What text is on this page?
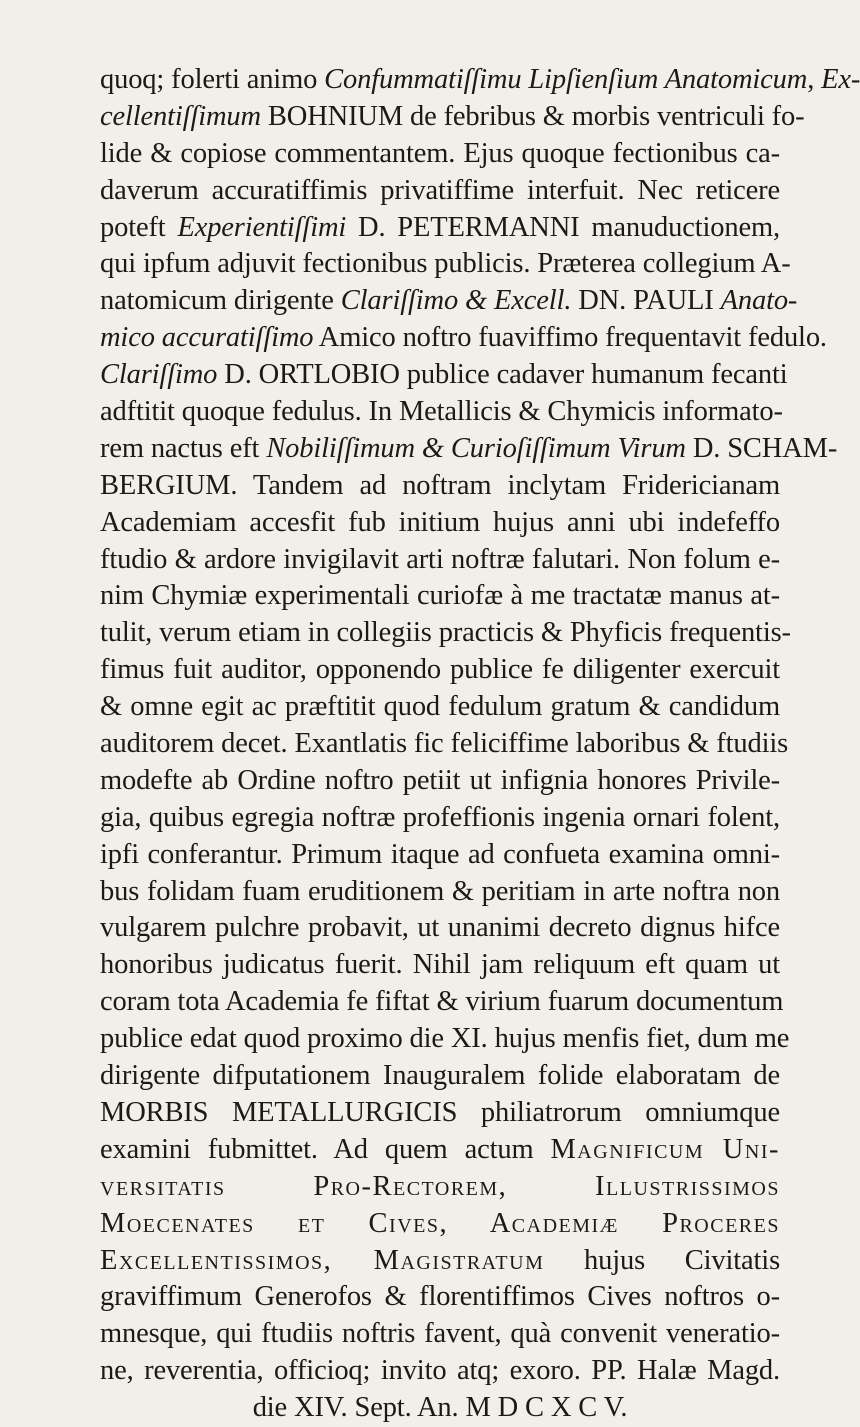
quoq; folerti animo Confummatiſſimu Lipſienſium Anatomicum, Ex-
cellentiſſimum BOHNIUM de febribus & morbis ventriculi fo-
lide & copiose commentantem. Ejus quoque fectionibus ca-
daverum accuratiffimis privatiffime interfuit. Nec reticere
poteft Experientiſſimi D. PETERMANNI manuductionem,
qui ipfum adjuvit fectionibus publicis. Præterea collegium A-
natomicum dirigente Clariſſimo & Excell. DN. PAULI Anato-
mico accuratiſſimo Amico noftro fuaviffimo frequentavit fedulo.
Clariſſimo D. ORTLOBIO publice cadaver humanum fecanti
adftitit quoque fedulus. In Metallicis & Chymicis informato-
rem nactus eft Nobiliſſimum & Curioſiſſimum Virum D. SCHAM-
BERGIUM. Tandem ad noftram inclytam Fridericianam
Academiam accesfit fub initium hujus anni ubi indefeffo
ftudio & ardore invigilavit arti noftræ falutari. Non folum e-
nim Chymiæ experimentali curiofæ à me tractatæ manus at-
tulit, verum etiam in collegiis practicis & Phyficis frequentis-
fimus fuit auditor, opponendo publice fe diligenter exercuit
& omne egit ac præftitit quod fedulum gratum & candidum
auditorem decet. Exantlatis fic feliciffime laboribus & ftudiis
modefte ab Ordine noftro petiit ut infignia honores Privile-
gia, quibus egregia noftræ profeffionis ingenia ornari folent,
ipfi conferantur. Primum itaque ad confueta examina omni-
bus folidam fuam eruditionem & peritiam in arte noftra non
vulgarem pulchre probavit, ut unanimi decreto dignus hifce
honoribus judicatus fuerit. Nihil jam reliquum eft quam ut
coram tota Academia fe fiftat & virium fuarum documentum
publice edat quod proximo die XI. hujus menfis fiet, dum me
dirigente difputationem Inauguralem folide elaboratam de
MORBIS METALLURGICIS philiatrorum omniumque
examini fubmittet. Ad quem actum Magnificum Uni-
versitatis Pro-Rectorem, Illustrissimos
Moecenates et Cives, Academiæ Proceres
Excellentissimos, Magistratum hujus Civitatis
graviffimum Generofos & florentiffimos Cives noftros o-
mnesque, qui ftudiis noftris favent, quà convenit veneratio-
ne, reverentia, officioq; invito atq; exoro. PP. Halæ Magd.
die XIV. Sept. An. M D C X C V.
